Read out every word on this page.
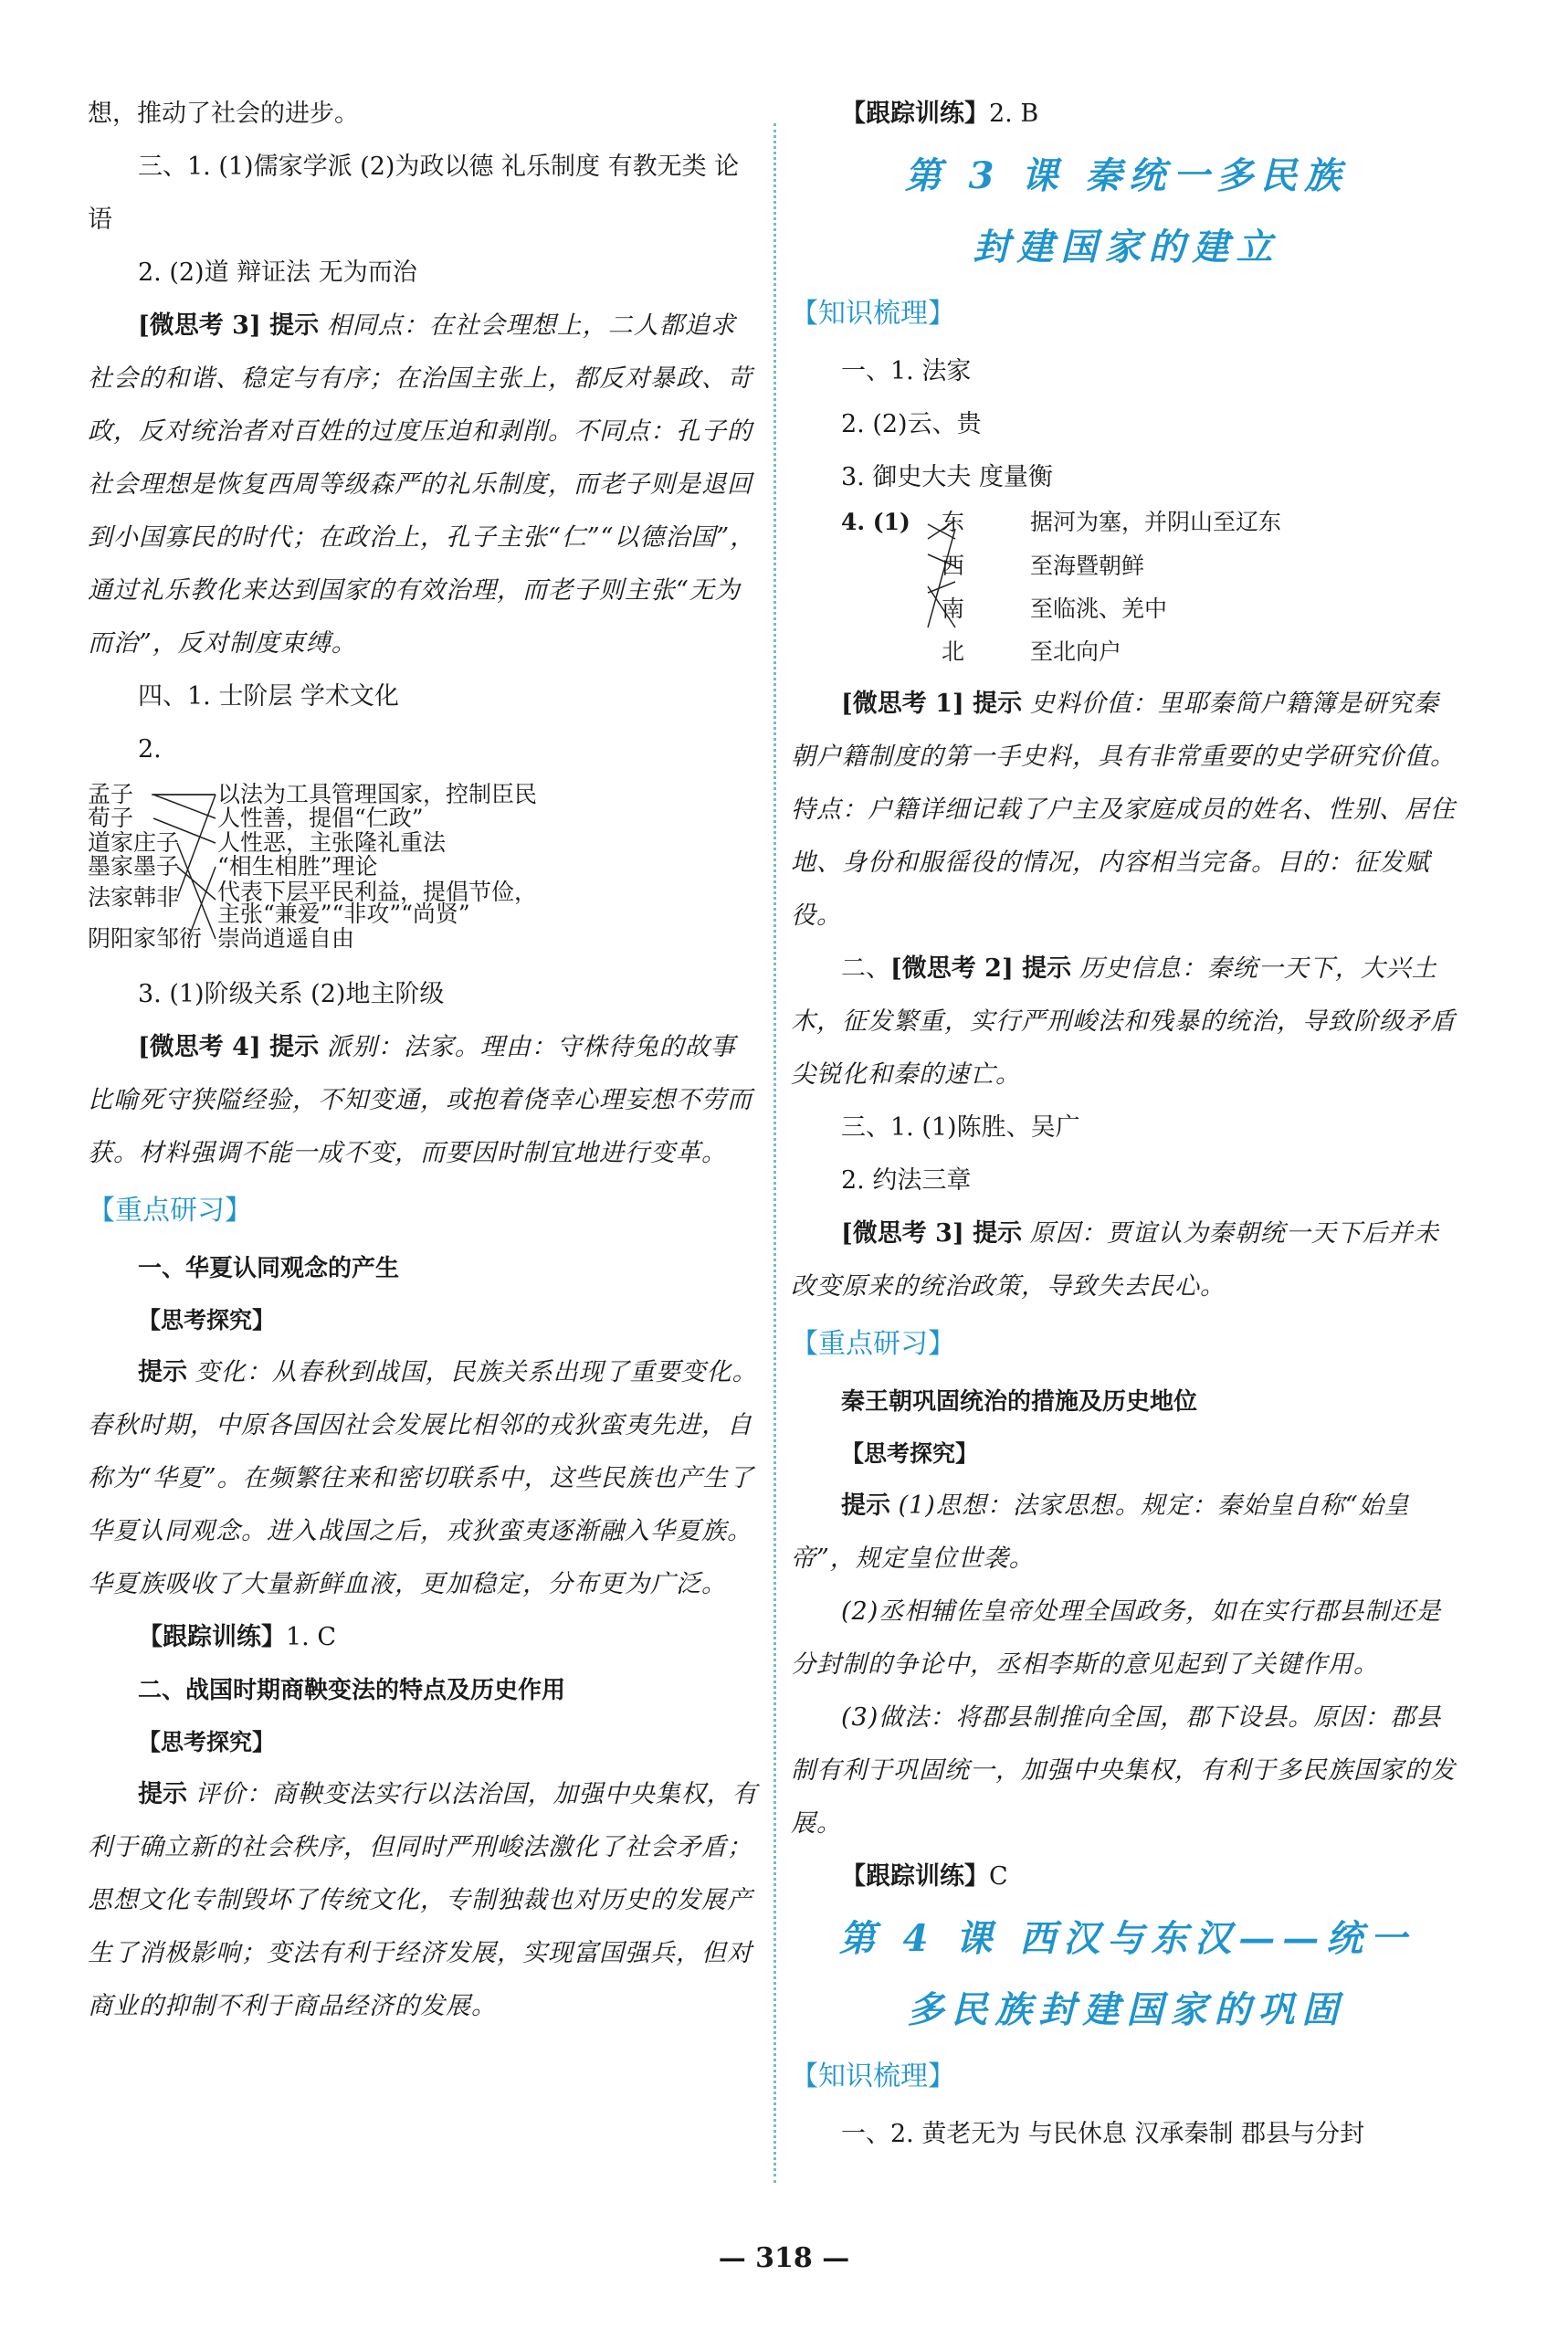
想，推动了社会的进步。

三、1. (1)儒家学派 (2)为政以德 礼乐制度 有教无类 论语

2. (2)道 辩证法 无为而治

[微思考 3] 提示 相同点：在社会理想上，二人都追求社会的和谐、稳定与有序；在治国主张上，都反对暴政、苛政，反对统治者对百姓的过度压迫和剥削。不同点：孔子的社会理想是恢复西周等级森严的礼乐制度，而老子则是退回到小国寡民的时代；在政治上，孔子主张“仁”“以德治国”，通过礼乐教化来达到国家的有效治理，而老子则主张“无为而治”，反对制度束缚。

四、1. 士阶层 学术文化

2.

孟子
荀子
道家庄子
墨家墨子
法家韩非
阴阳家邹衍
以法为工具管理国家，控制臣民
人性善，提倡“仁政”
人性恶，主张隆礼重法
“相生相胜”理论
代表下层平民利益，提倡节俭，
主张“兼爱”“非攻”“尚贤”
崇尚逍遥自由

3. (1)阶级关系 (2)地主阶级

[微思考 4] 提示 派别：法家。理由：守株待兔的故事比喻死守狭隘经验，不知变通，或抱着侥幸心理妄想不劳而获。材料强调不能一成不变，而要因时制宜地进行变革。

【重点研习】

一、华夏认同观念的产生

【思考探究】

提示 变化：从春秋到战国，民族关系出现了重要变化。春秋时期，中原各国因社会发展比相邻的戎狄蛮夷先进，自称为“华夏”。在频繁往来和密切联系中，这些民族也产生了华夏认同观念。进入战国之后，戎狄蛮夷逐渐融入华夏族。华夏族吸收了大量新鲜血液，更加稳定，分布更为广泛。

【跟踪训练】1. C

二、战国时期商鞅变法的特点及历史作用

【思考探究】

提示 评价：商鞅变法实行以法治国，加强中央集权，有利于确立新的社会秩序，但同时严刑峻法激化了社会矛盾；思想文化专制毁坏了传统文化，专制独裁也对历史的发展产生了消极影响；变法有利于经济发展，实现富国强兵，但对商业的抑制不利于商品经济的发展。

【跟踪训练】2. B

第 3 课 秦统一多民族

封建国家的建立

【知识梳理】

一、1. 法家

2. (2)云、贵

3. 御史大夫 度量衡

4. (1) 东
西
南
北
据河为塞，并阴山至辽东
至海暨朝鲜
至临洮、羌中
至北向户

[微思考 1] 提示 史料价值：里耶秦简户籍簿是研究秦朝户籍制度的第一手史料，具有非常重要的史学研究价值。特点：户籍详细记载了户主及家庭成员的姓名、性别、居住地、身份和服徭役的情况，内容相当完备。目的：征发赋役。

二、[微思考 2] 提示 历史信息：秦统一天下，大兴土木，征发繁重，实行严刑峻法和残暴的统治，导致阶级矛盾尖锐化和秦的速亡。

三、1. (1)陈胜、吴广

2. 约法三章

[微思考 3] 提示 原因：贾谊认为秦朝统一天下后并未改变原来的统治政策，导致失去民心。

【重点研习】

秦王朝巩固统治的措施及历史地位

【思考探究】

提示 (1)思想：法家思想。规定：秦始皇自称“始皇帝”，规定皇位世袭。

(2)丞相辅佐皇帝处理全国政务，如在实行郡县制还是分封制的争论中，丞相李斯的意见起到了关键作用。

(3)做法：将郡县制推向全国，郡下设县。原因：郡县制有利于巩固统一，加强中央集权，有利于多民族国家的发展。

【跟踪训练】C

第 4 课 西汉与东汉——统一

多民族封建国家的巩固

【知识梳理】

一、2. 黄老无为 与民休息 汉承秦制 郡县与分封

— 318 —
